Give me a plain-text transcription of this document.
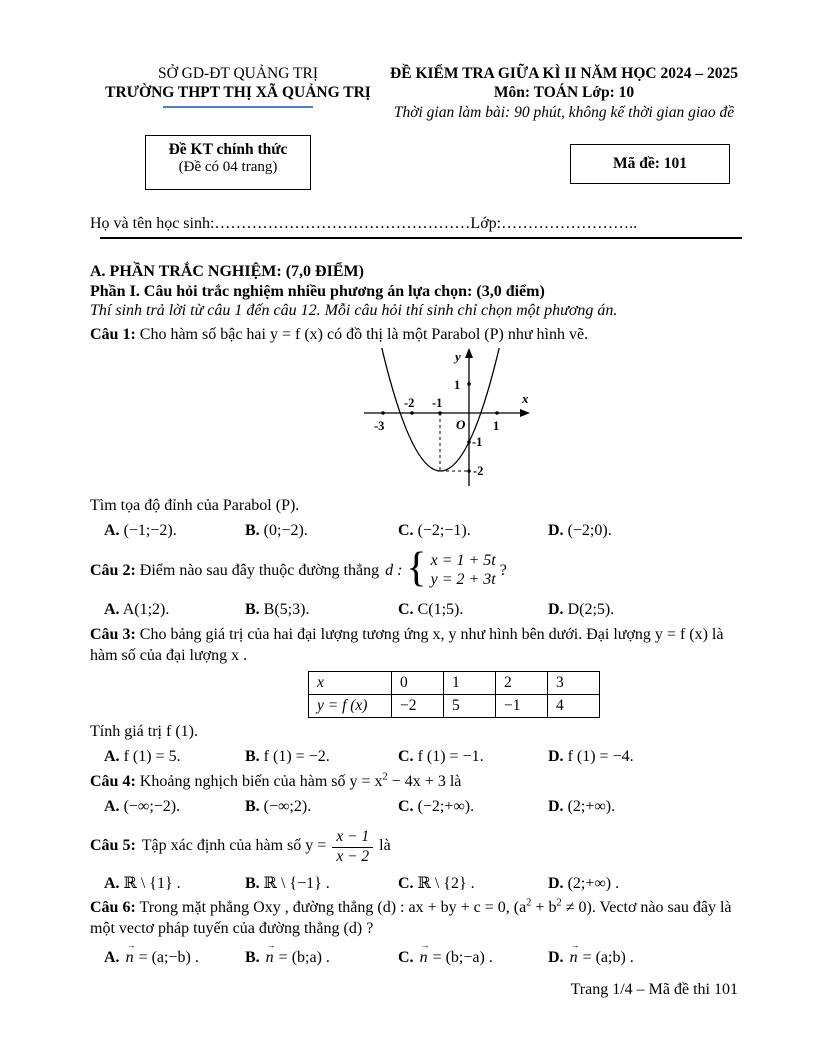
SỞ GD-ĐT QUẢNG TRỊ
TRƯỜNG THPT THỊ XÃ QUẢNG TRỊ
ĐỀ KIỂM TRA GIỮA KÌ II NĂM HỌC 2024 – 2025
Môn: TOÁN Lớp: 10
Thời gian làm bài: 90 phút, không kể thời gian giao đề
Đề KT chính thức
(Đề có 04 trang)	Mã đề: 101
Họ và tên học sinh:…………………………………………Lớp:……………………..
A. PHẦN TRẮC NGHIỆM: (7,0 ĐIỂM)
Phần I. Câu hỏi trắc nghiệm nhiều phương án lựa chọn: (3,0 điểm)
Thí sinh trả lời từ câu 1 đến câu 12. Mỗi câu hỏi thí sinh chỉ chọn một phương án.
Câu 1: Cho hàm số bậc hai y = f (x) có đồ thị là một Parabol (P) như hình vẽ.
y
x
O
-3
-2 -1
1
1
-1
-2
Tìm tọa độ đỉnh của Parabol (P).
A. (−1;−2).	B. (0;−2).	C. (−2;−1).	D. (−2;0).
Câu 2: Điểm nào sau đây thuộc đường thẳng d : { x = 1 + 5t
y = 2 + 3t
?
A. A(1;2).	B. B(5;3).	C. C(1;5).	D. D(2;5).
Câu 3: Cho bảng giá trị của hai đại lượng tương ứng x, y như hình bên dưới. Đại lượng y = f (x) là hàm số của đại lượng x .
x	0	1	2	3
y = f (x)	−2	5	−1	4
Tính giá trị f (1).
A. f (1) = 5.	B. f (1) = −2.	C. f (1) = −1.	D. f (1) = −4.
Câu 4: Khoảng nghịch biến của hàm số $y = x^2 - 4x + 3$ là
A. (−∞;−2).	B. (−∞;2).	C. (−2;+∞).	D. (2;+∞).
Câu 5: Tập xác định của hàm số $y = \frac{x - 1}{x - 2}$ là
A. ℝ \ {1} .	B. ℝ \ {−1} .	C. ℝ \ {2} .	D. (2;+∞) .
Câu 6: Trong mặt phẳng Oxy , đường thẳng (d) : ax + by + c = 0, $(a^2 + b^2 \ne 0)$. Vectơ nào sau đây là một vectơ pháp tuyến của đường thẳng (d) ?
A.
→
n = (a;−b) .	B.
→
n = (b;a) .	C.
→
n = (b;−a) .	D.
→
n = (a;b) .
Trang 1/4 – Mã đề thi 101
